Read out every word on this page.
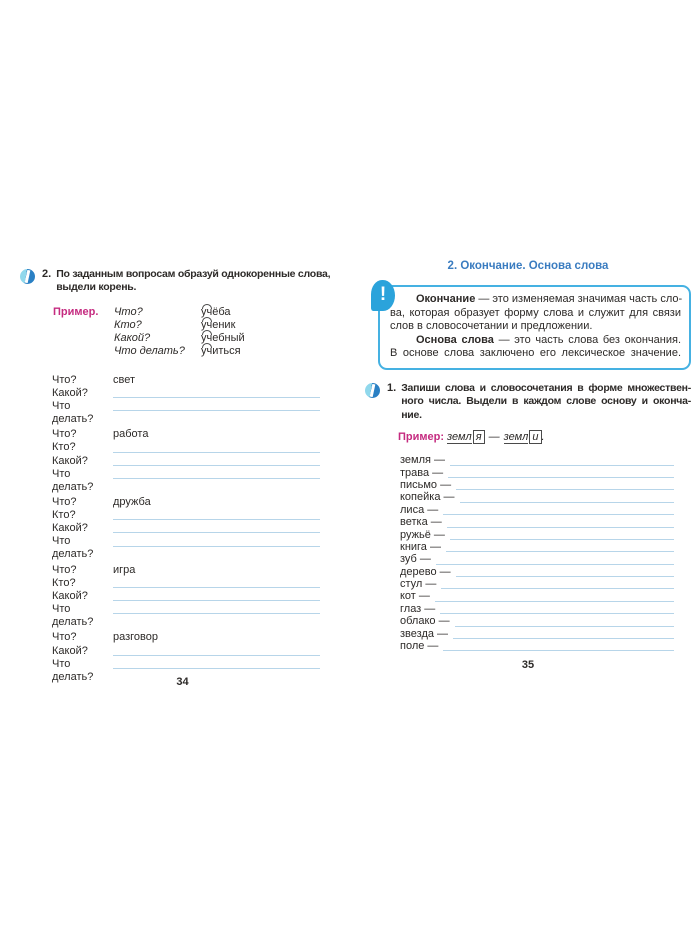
2. По заданным вопросам образуй однокоренные слова,
выдели корень.
Пример.	Что?	учёба
Кто?	ученик
Какой?	учебный
Что делать?	учиться
Что?	свет
Какой?
Что делать?
Что?	работа
Кто?
Какой?
Что делать?
Что?	дружба
Кто?
Какой?
Что делать?
Что?	игра
Кто?
Какой?
Что делать?
Что?	разговор
Какой?
Что делать?	34
2. Окончание. Основа слова
!	Окончание — это изменяемая значимая часть сло-
ва, которая образует форму слова и служит для связи
слов в словосочетании и предложении.
Основа слова — это часть слова без окончания.
В основе слова заключено его лексическое значение.
1. Запиши слова и словосочетания в форме множествен-
ного числа. Выдели в каждом слове основу и оконча-
ние.
Пример: земл я — земл и .
земля —
трава —
письмо —
копейка —
лиса —
ветка —
ружьё —
книга —
зуб —
дерево —
стул —
кот —
глаз —
облако —
звезда —
поле —
35
